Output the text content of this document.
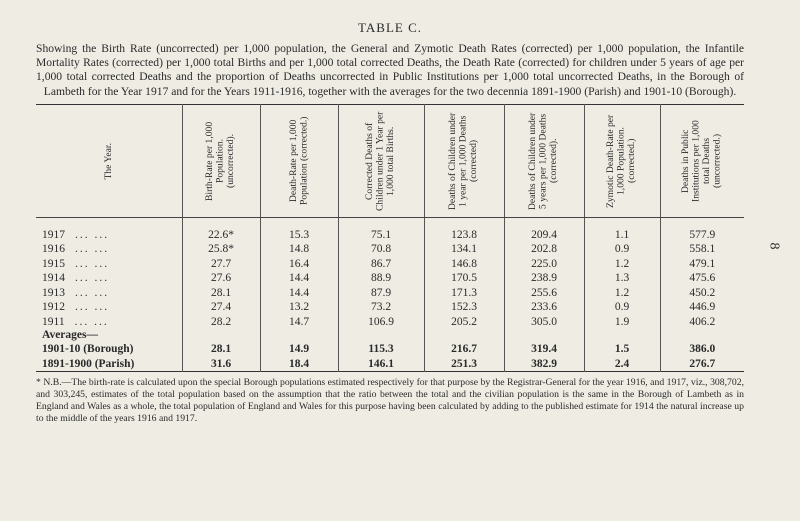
8
TABLE C.
Showing the Birth Rate (uncorrected) per 1,000 population, the General and Zymotic Death Rates (corrected) per 1,000 population, the Infantile Mortality Rates (corrected) per 1,000 total Births and per 1,000 total corrected Deaths, the Death Rate (corrected) for children under 5 years of age per 1,000 total corrected Deaths and the proportion of Deaths uncorrected in Public Institutions per 1,000 total uncorrected Deaths, in the Borough of Lambeth for the Year 1917 and for the Years 1911-1916, together with the averages for the two decennia 1891-1900 (Parish) and 1901-10 (Borough).
The Year.	Birth-Rate per 1,000 Population. (uncorrected).	Death-Rate per 1,000 Population (corrected.)	Corrected Deaths of Children under 1 Year per 1,000 total Births.	Deaths of Children under 1 year per 1,000 Deaths (corrected)	Deaths of Children under 5 years per 1,000 Deaths (corrected).	Zymotic Death-Rate per 1,000 Population. (corrected.)	Deaths in Public Institutions per 1,000 total Deaths (uncorrected.)

1917 ... ...	22.6*	15.3	75.1	123.8	209.4	1.1	577.9
1916 ... ...	25.8*	14.8	70.8	134.1	202.8	0.9	558.1
1915 ... ...	27.7	16.4	86.7	146.8	225.0	1.2	479.1
1914 ... ...	27.6	14.4	88.9	170.5	238.9	1.3	475.6
1913 ... ...	28.1	14.4	87.9	171.3	255.6	1.2	450.2
1912 ... ...	27.4	13.2	73.2	152.3	233.6	0.9	446.9
1911 ... ...	28.2	14.7	106.9	205.2	305.0	1.9	406.2
Averages—							
1901-10 (Borough)	28.1	14.9	115.3	216.7	319.4	1.5	386.0
1891-1900 (Parish)	31.6	18.4	146.1	251.3	382.9	2.4	276.7
* N.B.—The birth-rate is calculated upon the special Borough populations estimated respectively for that purpose by the Registrar-General for the year 1916, and 1917, viz., 308,702, and 303,245, estimates of the total population based on the assumption that the ratio between the total and the civilian population is the same in the Borough of Lambeth as in England and Wales as a whole, the total population of England and Wales for this purpose having been calculated by adding to the published estimate for 1914 the natural increase up to the middle of the years 1916 and 1917.
